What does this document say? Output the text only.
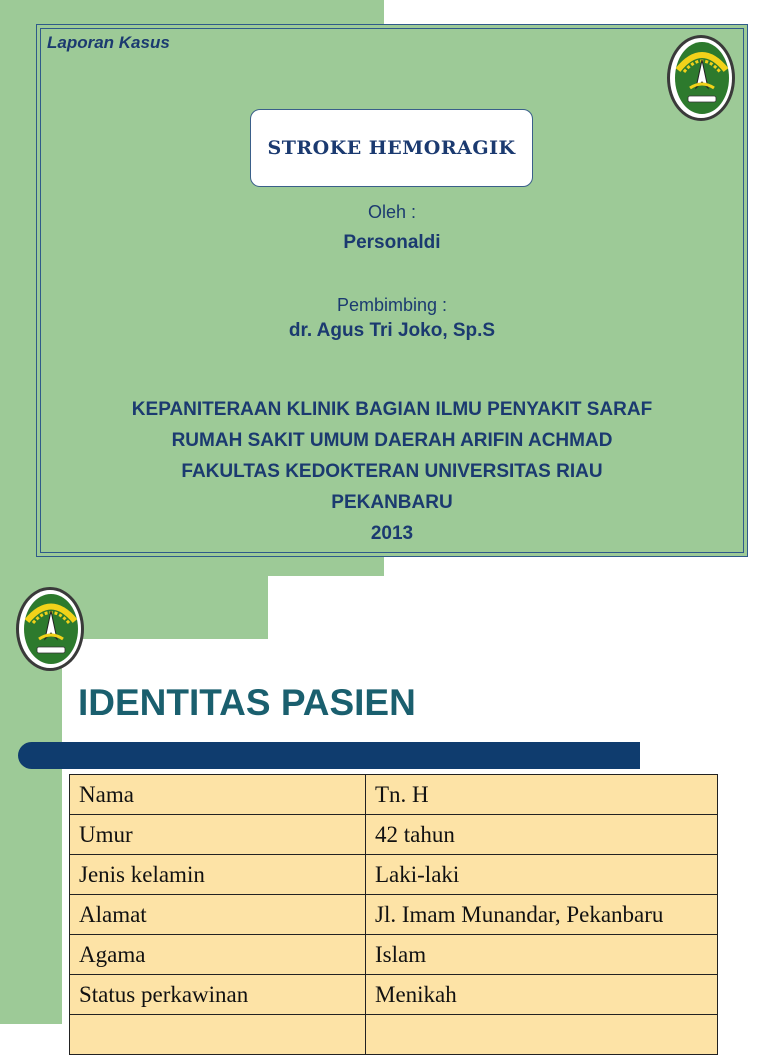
Laporan Kasus
STROKE HEMORAGIK
Oleh :
Personaldi
Pembimbing :
dr. Agus Tri Joko, Sp.S
KEPANITERAAN KLINIK BAGIAN ILMU PENYAKIT SARAF
RUMAH SAKIT UMUM DAERAH ARIFIN ACHMAD
FAKULTAS KEDOKTERAN UNIVERSITAS RIAU
PEKANBARU
2013
IDENTITAS PASIEN
Nama	Tn. H
Umur	42 tahun
Jenis kelamin	Laki-laki
Alamat	Jl. Imam Munandar, Pekanbaru
Agama	Islam
Status perkawinan	Menikah
